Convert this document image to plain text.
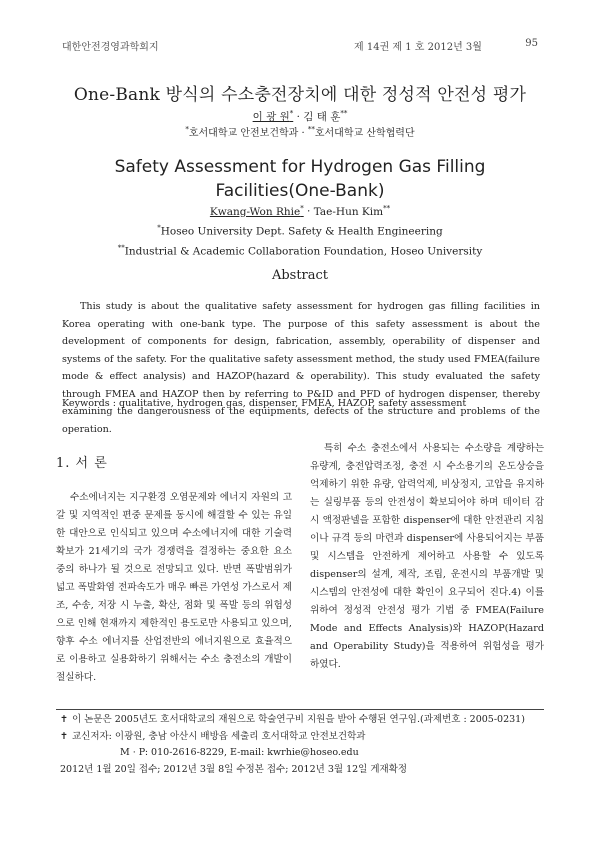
대한안전경영과학회지	제 14권 제 1 호 2012년 3월	95
One-Bank 방식의 수소충전장치에 대한 정성적 안전성 평가
이 광 원* · 김 태 훈**
*호서대학교 안전보건학과 · **호서대학교 산학협력단
Safety Assessment for Hydrogen Gas Filling
Facilities(One-Bank)
Kwang-Won Rhie* · Tae-Hun Kim**
*Hoseo University Dept. Safety & Health Engineering
**Industrial & Academic Collaboration Foundation, Hoseo University
Abstract
This study is about the qualitative safety assessment for hydrogen gas filling facilities in Korea operating with one-bank type. The purpose of this safety assessment is about the development of components for design, fabrication, assembly, operability of dispenser and systems of the safety. For the qualitative safety assessment method, the study used FMEA(failure mode & effect analysis) and HAZOP(hazard & operability). This study evaluated the safety through FMEA and HAZOP then by referring to P&ID and PFD of hydrogen dispenser, thereby examining the dangerousness of the equipments, defects of the structure and problems of the operation.
Keywords : qualitative, hydrogen gas, dispenser, FMEA, HAZOP, safety assessment
1. 서 론
수소에너지는 지구환경 오염문제와 에너지 자원의 고갈 및 지역적인 편중 문제를 동시에 해결할 수 있는 유일한 대안으로 인식되고 있으며 수소에너지에 대한 기술력 확보가 21세기의 국가 경쟁력을 결정하는 중요한 요소 중의 하나가 될 것으로 전망되고 있다. 반면 폭발범위가 넓고 폭발화염 전파속도가 매우 빠른 가연성 가스로서 제조, 수송, 저장 시 누출, 확산, 점화 및 폭발 등의 위험성으로 인해 현재까지 제한적인 용도로만 사용되고 있으며, 향후 수소 에너지를 산업전반의 에너지원으로 효율적으로 이용하고 실용화하기 위해서는 수소 충전소의 개발이 절실하다.
특히 수소 충전소에서 사용되는 수소량을 계량하는 유량계, 충전압력조정, 충전 시 수소용기의 온도상승을 억제하기 위한 유량, 압력억제, 비상정지, 고압을 유지하는 실링부품 등의 안전성이 확보되어야 하며 데이터 감시 액정판넬을 포함한 dispenser에 대한 안전관리 지침이나 규격 등의 마련과 dispenser에 사용되어지는 부품 및 시스템을 안전하게 제어하고 사용할 수 있도록 dispenser의 설계, 제작, 조립, 운전시의 부품개발 및 시스템의 안전성에 대한 확인이 요구되어 진다.4) 이를 위하여 정성적 안전성 평가 기법 중 FMEA(Failure Mode and Effects Analysis)와 HAZOP(Hazard and Operability Study)을 적용하여 위험성을 평가 하였다.
✝ 이 논문은 2005년도 호서대학교의 재원으로 학술연구비 지원을 받아 수행된 연구임.(과제번호 : 2005-0231)
✝ 교신저자: 이광원, 충남 아산시 배방읍 세출리 호서대학교 안전보건학과
M · P: 010-2616-8229, E-mail: kwrhie@hoseo.edu
2012년 1월 20일 접수; 2012년 3월 8일 수정본 접수; 2012년 3월 12일 게재확정
